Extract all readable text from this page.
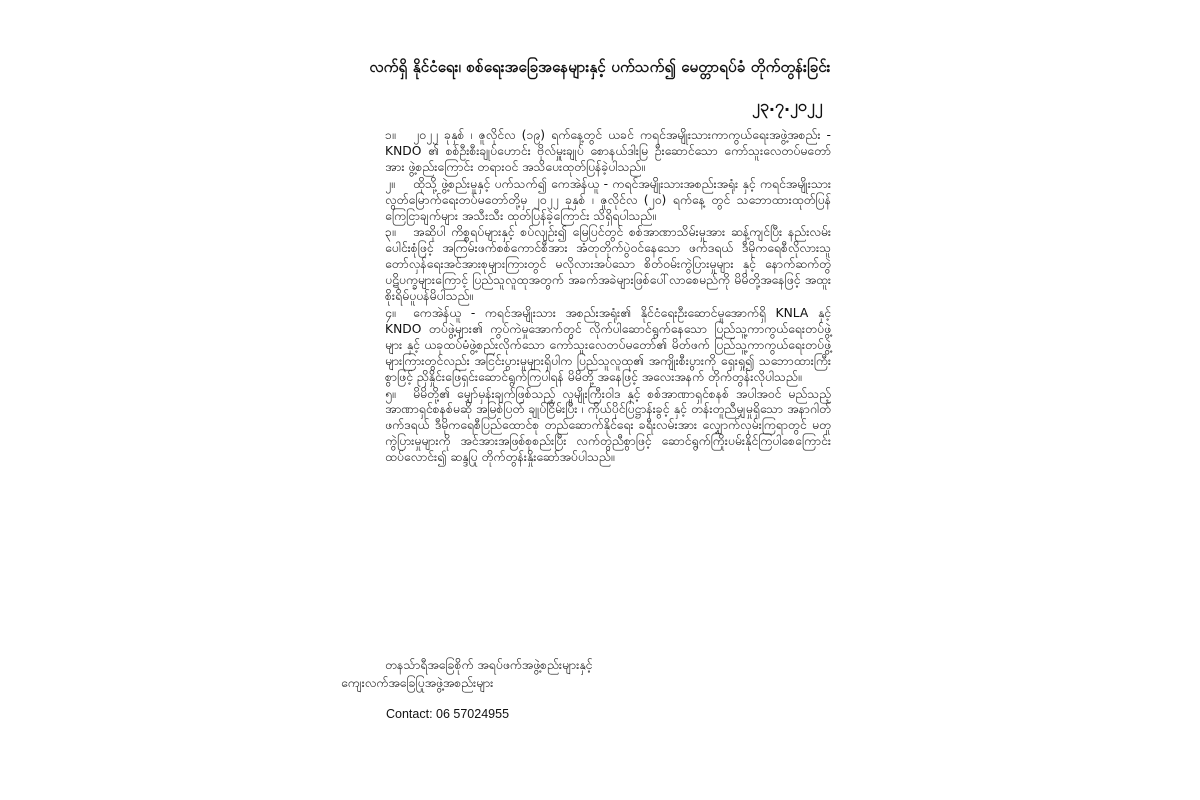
လက်ရှိ နိုင်ငံရေး၊ စစ်ရေးအခြေအနေများနှင့် ပက်သက်၍ မေတ္တာရပ်ခံ တိုက်တွန်းခြင်း
၂၃.၇.၂၀၂၂

၁။ ၂၀၂၂ ခုနှစ် ၊ ဇူလိုင်လ (၁၉) ရက်နေ့တွင် ယခင် ကရင်အမျိုးသားကာကွယ်ရေးအဖွဲ့အစည်း - KNDO ၏ စစ်ဦးစီးချုပ်ဟောင်း ဗိုလ်မှူးချုပ် စောနယ်ဒါးမြ ဦးဆောင်သော ကော်သူးလေတပ်မတော်အား ဖွဲ့စည်းကြောင်း တရားဝင် အသိပေးထုတ်ပြန်ခဲ့ပါသည်။

၂။ ထိုသို့ ဖွဲ့စည်းမှုနှင့် ပက်သက်၍ ကေအဲန်ယူ - ကရင်အမျိုးသားအစည်းအရုံး နှင့် ကရင်အမျိုးသားလွတ်မြောက်ရေးတပ်မတော်တို့မှ ၂၀၂၂ ခုနှစ် ၊ ဇူလိုင်လ (၂၀) ရက်နေ့ တွင် သဘောထားထုတ်ပြန်ကြေငြာချက်များ အသီးသီး ထုတ်ပြန်ခဲ့ကြောင်း သိရှိရပါသည်။

၃။ အဆိုပါ ကိစ္စရပ်များနှင့် စပ်လျဉ်း၍ မြေပြင်တွင် စစ်အာဏာသိမ်းမှုအား ဆန့်ကျင်ပြီး နည်းလမ်းပေါင်းစုံဖြင့် အကြမ်းဖက်စစ်ကောင်စီအား အံတုတိုက်ပွဲဝင်နေသော ဖက်ဒရယ် ဒီမိုကရေစီလိုလားသူ တော်လှန်ရေးအင်အားစုများကြားတွင် မလိုလားအပ်သော စိတ်ဝမ်းကွဲပြားမှုများ နှင့် နောက်ဆက်တွဲ ပဋိပက္ခများကြောင့် ပြည်သူလူထုအတွက် အခက်အခဲများဖြစ်ပေါ်လာစေမည်ကို မိမိတို့အနေဖြင့် အထူး စိုးရိမ်ပူပန်မိပါသည်။

၄။ ကေအဲန်ယူ - ကရင်အမျိုးသား အစည်းအရုံး၏ နိုင်ငံရေးဦးဆောင်မှုအောက်ရှိ KNLA နှင့် KNDO တပ်ဖွဲ့များ၏ ကွပ်ကဲမှုအောက်တွင် လိုက်ပါဆောင်ရွက်နေသော ပြည်သူ့ကာကွယ်ရေးတပ်ဖွဲ့များ နှင့် ယခုထပ်မံဖွဲ့စည်းလိုက်သော ကော်သူးလေတပ်မတော်၏ မိတ်ဖက် ပြည်သူ့ကာကွယ်ရေးတပ်ဖွဲ့များကြားတွင်လည်း အငြင်းပွားမှုများရှိပါက ပြည်သူလူထု၏ အကျိုးစီးပွားကို ရှေးရှု၍ သဘောထားကြီးစွာဖြင့် ညှိနှိုင်းဖြေရှင်းဆောင်ရွက်ကြပါရန် မိမိတို့ အနေဖြင့် အလေးအနက် တိုက်တွန်းလိုပါသည်။

၅။ မိမိတို့၏ မျှော်မှန်းချက်ဖြစ်သည့် လူမျိုးကြီးဝါဒ နှင့် စစ်အာဏာရှင်စနစ် အပါအဝင် မည်သည့်အာဏာရှင်စနစ်မဆို အမြစ်ပြတ် ချုပ်ငြိမ်းပြီး ၊ ကိုယ်ပိုင်ပြဋ္ဌာန်းခွင့် နှင့် တန်းတူညီမျှမှုရှိသော အနာဂါတ်ဖက်ဒရယ် ဒီမိုကရေစီပြည်ထောင်စု တည်ဆောက်နိုင်ရေး ခရီးလမ်းအား လျှောက်လှမ်းကြရာတွင် မတူကွဲပြားမှုများကို အင်အားအဖြစ်စုစည်းပြီး လက်တွဲညီစွာဖြင့် ဆောင်ရွက်ကြိုးပမ်းနိုင်ကြပါစေကြောင်း ထပ်လောင်း၍ ဆန္ဒပြု တိုက်တွန်းနှိုးဆော်အပ်ပါသည်။

တနသ်ာရီအခြေစိုက် အရပ်ဖက်အဖွဲ့စည်းများနှင့်
ကျေးလက်အခြေပြုအဖွဲ့အစည်းများ
Contact: 06 57024955
